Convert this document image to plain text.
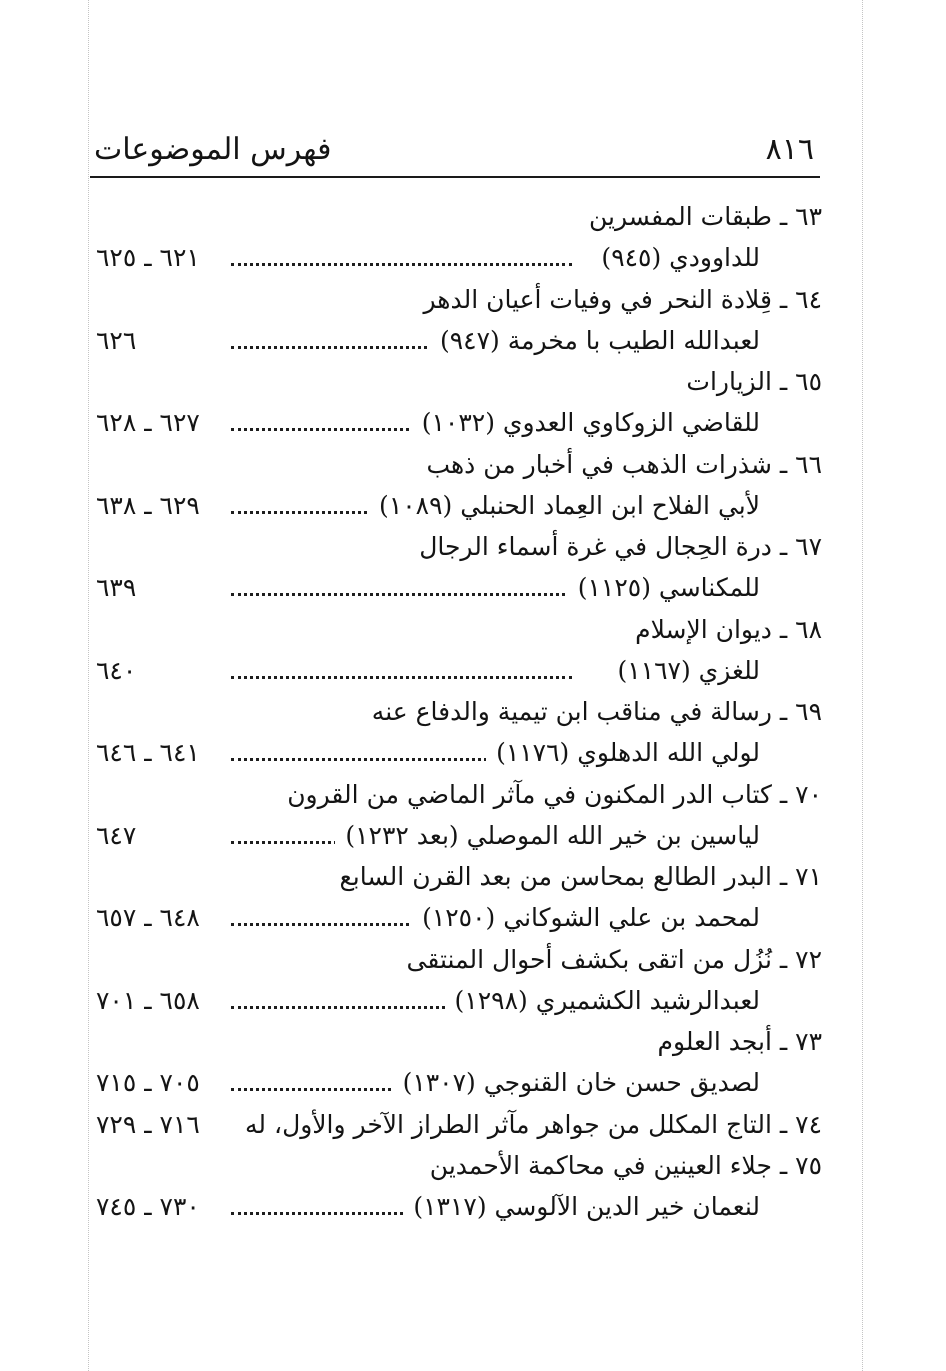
فهرس الموضوعات	٨١٦
٦٣ ـ طبقات المفسرين
للداوودي (٩٤٥)
٦٢١ ـ ٦٢٥
٦٤ ـ قِلادة النحر في وفيات أعيان الدهر
لعبدالله الطيب با مخرمة (٩٤٧)
٦٢٦
٦٥ ـ الزيارات
للقاضي الزوكاوي العدوي (١٠٣٢)
٦٢٧ ـ ٦٢٨
٦٦ ـ شذرات الذهب في أخبار من ذهب
لأبي الفلاح ابن العِماد الحنبلي (١٠٨٩)
٦٢٩ ـ ٦٣٨
٦٧ ـ درة الحِجال في غرة أسماء الرجال
للمكناسي (١١٢٥)
٦٣٩
٦٨ ـ ديوان الإسلام
للغزي (١١٦٧)
٦٤٠
٦٩ ـ رسالة في مناقب ابن تيمية والدفاع عنه
لولي الله الدهلوي (١١٧٦)
٦٤١ ـ ٦٤٦
٧٠ ـ كتاب الدر المكنون في مآثر الماضي من القرون
لياسين بن خير الله الموصلي (بعد ١٢٣٢)
٦٤٧
٧١ ـ البدر الطالع بمحاسن من بعد القرن السابع
لمحمد بن علي الشوكاني (١٢٥٠)
٦٤٨ ـ ٦٥٧
٧٢ ـ نُزُل من اتقى بكشف أحوال المنتقى
لعبدالرشيد الكشميري (١٢٩٨)
٦٥٨ ـ ٧٠١
٧٣ ـ أبجد العلوم
لصديق حسن خان القنوجي (١٣٠٧)
٧٠٥ ـ ٧١٥
٧٤ ـ التاج المكلل من جواهر مآثر الطراز الآخر والأول، له
٧١٦ ـ ٧٢٩
٧٥ ـ جلاء العينين في محاكمة الأحمدين
لنعمان خير الدين الآلوسي (١٣١٧)
٧٣٠ ـ ٧٤٥
